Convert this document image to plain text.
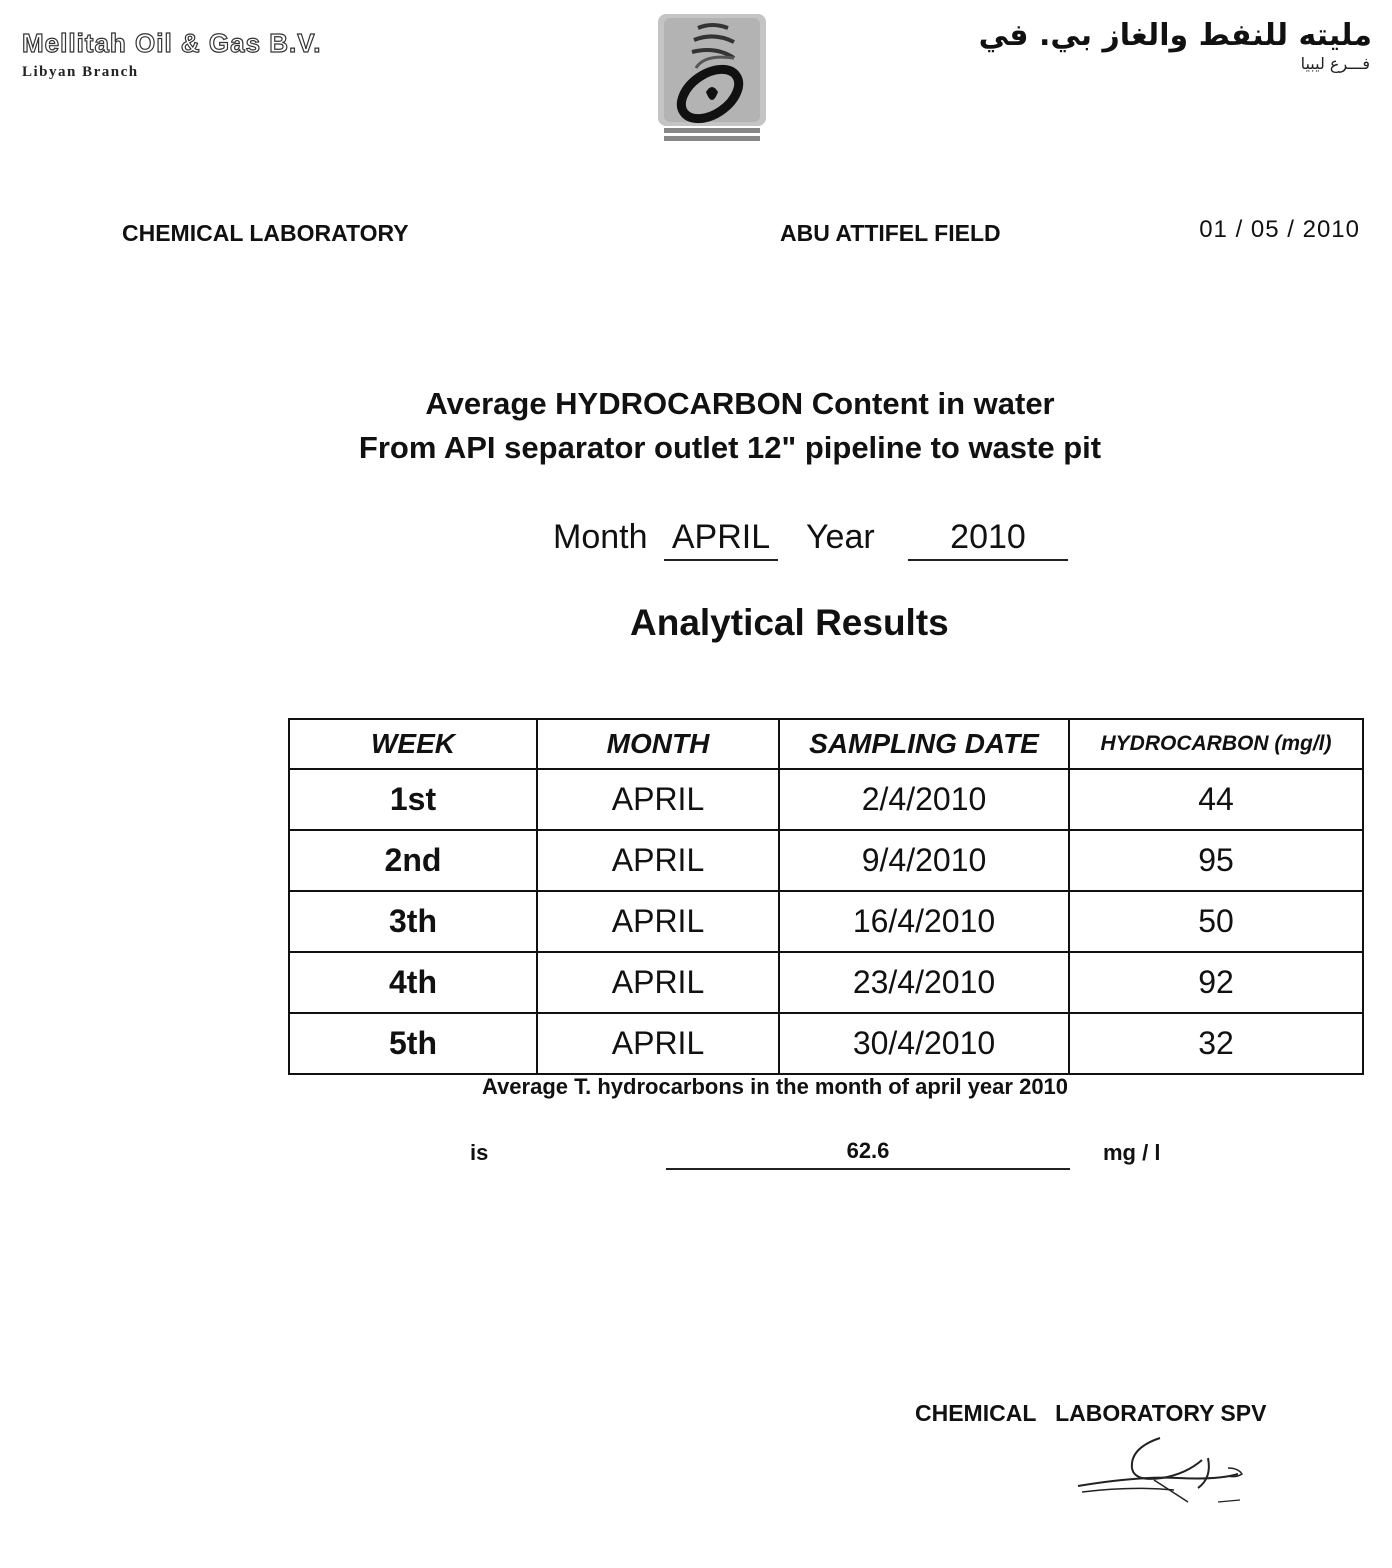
Mellitah Oil & Gas B.V.
Libyan Branch
مليته للنفط والغاز بي. في
فـــرع ليبيا
CHEMICAL LABORATORY	ABU ATTIFEL FIELD	01 / 05 / 2010
Average HYDROCARBON Content in water
From API separator outlet 12" pipeline to waste pit
Month APRIL Year	2010
Analytical Results
WEEK	MONTH	SAMPLING DATE	HYDROCARBON (mg/l)
1st	APRIL	2/4/2010	44
2nd	APRIL	9/4/2010	95
3th	APRIL	16/4/2010	50
4th	APRIL	23/4/2010	92
5th	APRIL	30/4/2010	32
Average T. hydrocarbons in the month of april year 2010
is	62.6	mg / l
CHEMICAL   LABORATORY SPV
